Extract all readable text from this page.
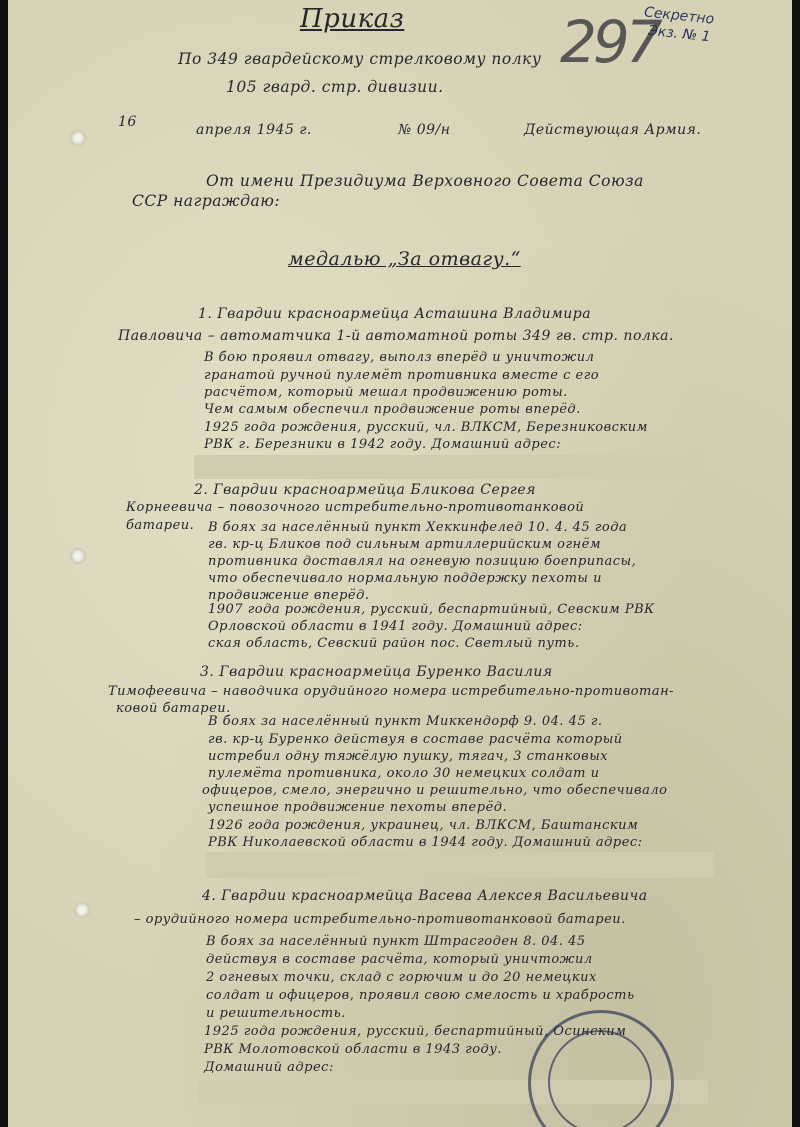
Приказ
По 349 гвардейскому стрелковому полку
105 гвард. стр. дивизии.
Секретно
Экз. № 1
297
16	апреля 1945 г.	№ 09/н	Действующая Армия.
От имени Президиума Верховного Совета Союза
ССР награждаю:
медалью „За отвагу.“
1. Гвардии красноармейца Асташина Владимира
Павловича – автоматчика 1-й автоматной роты 349 гв. стр. полка.
В бою проявил отвагу, выполз вперёд и уничтожил
гранатой ручной пулемёт противника вместе с его
расчётом, который мешал продвижению роты.
Чем самым обеспечил продвижение роты вперёд.
1925 года рождения, русский, чл. ВЛКСМ, Березниковским
РВК г. Березники в 1942 году. Домашний адрес:
2. Гвардии красноармейца Бликова Сергея
Корнеевича – повозочного истребительно-противотанковой
батареи. В боях за населённый пункт Хеккинфелед 10. 4. 45 года
гв. кр-ц Бликов под сильным артиллерийским огнём
противника доставлял на огневую позицию боеприпасы,
что обеспечивало нормальную поддержку пехоты и
продвижение вперёд.
1907 года рождения, русский, беспартийный, Севским РВК
Орловской области в 1941 году. Домашний адрес:
ская область, Севский район пос. Светлый путь.
3. Гвардии красноармейца Буренко Василия
Тимофеевича – наводчика орудийного номера истребительно-противотан-
ковой батареи.
В боях за населённый пункт Миккендорф 9. 04. 45 г.
гв. кр-ц Буренко действуя в составе расчёта который
истребил одну тяжёлую пушку, тягач, 3 станковых
пулемёта противника, около 30 немецких солдат и
офицеров, смело, энергично и решительно, что обеспечивало
успешное продвижение пехоты вперёд.
1926 года рождения, украинец, чл. ВЛКСМ, Баштанским
РВК Николаевской области в 1944 году. Домашний адрес:
4. Гвардии красноармейца Васева Алексея Васильевича
– орудийного номера истребительно-противотанковой батареи.
В боях за населённый пункт Штрасгоден 8. 04. 45
действуя в составе расчёта, который уничтожил
2 огневых точки, склад с горючим и до 20 немецких
солдат и офицеров, проявил свою смелость и храбрость
и решительность.
1925 года рождения, русский, беспартийный, Осинским
РВК Молотовской области в 1943 году.
Домашний адрес:
